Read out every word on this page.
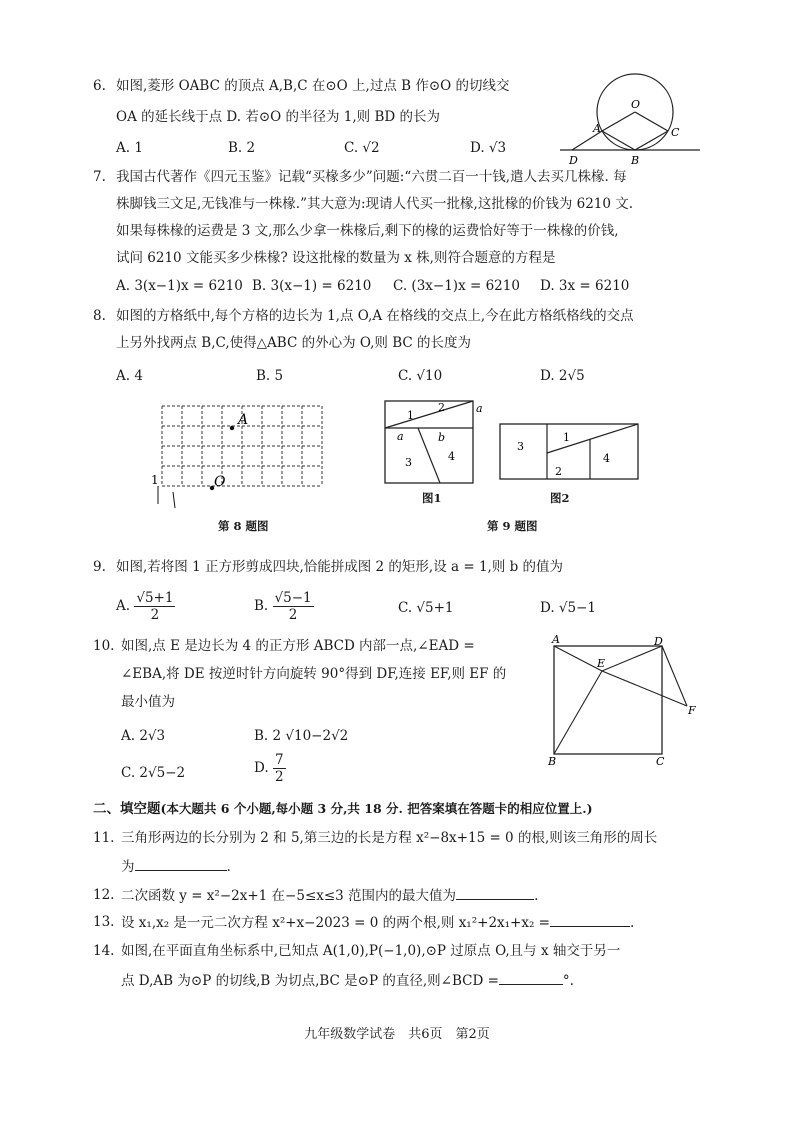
6. 如图,菱形 OABC 的顶点 A,B,C 在⊙O 上,过点 B 作⊙O 的切线交
OA 的延长线于点 D. 若⊙O 的半径为 1,则 BD 的长为
A. 1	B. 2	C. √2	D. √3
O
A	C
B
D
7. 我国古代著作《四元玉鉴》记载“买椽多少”问题:“六贯二百一十钱,遣人去买几株椽. 每
株脚钱三文足,无钱准与一株椽.”其大意为:现请人代买一批椽,这批椽的价钱为 6210 文.
如果每株椽的运费是 3 文,那么少拿一株椽后,剩下的椽的运费恰好等于一株椽的价钱,
试问 6210 文能买多少株椽? 设这批椽的数量为 x 株,则符合题意的方程是
A. 3(x−1)x = 6210 B. 3(x−1) = 6210 C. (3x−1)x = 6210 D. 3x = 6210
8. 如图的方格纸中,每个方格的边长为 1,点 O,A 在格线的交点上,今在此方格纸格线的交点
上另外找两点 B,C,使得△ABC 的外心为 O,则 BC 的长度为
A. 4	B. 5	C. √10	D. 2√5
A
O
1
第 8 题图
1
2	a
a	b
3	4
图1
3
1
2
4
图2
第 9 题图
9. 如图,若将图 1 正方形剪成四块,恰能拼成图 2 的矩形,设 a = 1,则 b 的值为
A. $\frac{√5+1}{2}$	B. $\frac{√5-1}{2}$	C. √5+1	D. √5−1
10. 如图,点 E 是边长为 4 的正方形 ABCD 内部一点,∠EAD =
∠EBA,将 DE 按逆时针方向旋转 90°得到 DF,连接 EF,则 EF 的
最小值为
A. 2√3	B. 2 √10−2√2
C. 2√5−2	D. $\frac{7}{2}$
A	D
E
F
B	C
二、填空题(本大题共 6 个小题,每小题 3 分,共 18 分. 把答案填在答题卡的相应位置上.)
11. 三角形两边的长分别为 2 和 5,第三边的长是方程 x²−8x+15 = 0 的根,则该三角形的周长
为	.
12. 二次函数 y = x²−2x+1 在−5≤x≤3 范围内的最大值为	.
13. 设 x₁,x₂ 是一元二次方程 x²+x−2023 = 0 的两个根,则 x₁²+2x₁+x₂ =	.
14. 如图,在平面直角坐标系中,已知点 A(1,0),P(−1,0),⊙P 过原点 O,且与 x 轴交于另一
点 D,AB 为⊙P 的切线,B 为切点,BC 是⊙P 的直径,则∠BCD =	°.
九年级数学试卷　共6页　第2页
